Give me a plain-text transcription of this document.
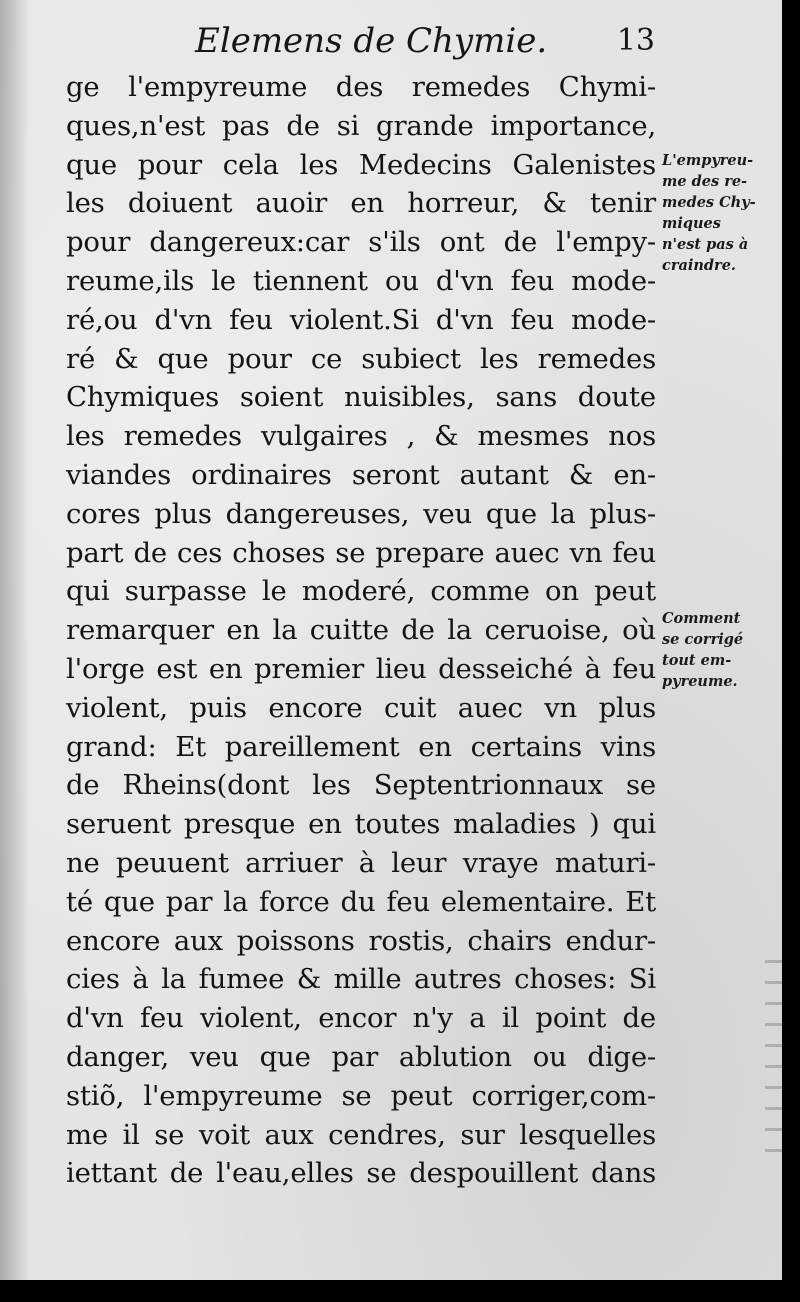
Elemens de Chymie. 13
ge l'empyreume des remedes Chymi-
ques,n'est pas de si grande importance,
que pour cela les Medecins Galenistes
les doiuent auoir en horreur, & tenir
pour dangereux:car s'ils ont de l'empy-
reume,ils le tiennent ou d'vn feu mode-
ré,ou d'vn feu violent.Si d'vn feu mode-
ré & que pour ce subiect les remedes
Chymiques soient nuisibles, sans doute
les remedes vulgaires , & mesmes nos
viandes ordinaires seront autant & en-
cores plus dangereuses, veu que la plus-
part de ces choses se prepare auec vn feu
qui surpasse le moderé, comme on peut
remarquer en la cuitte de la ceruoise, où
l'orge est en premier lieu desseiché à feu
violent, puis encore cuit auec vn plus
grand: Et pareillement en certains vins
de Rheins(dont les Septentrionnaux se
seruent presque en toutes maladies ) qui
ne peuuent arriuer à leur vraye maturi-
té que par la force du feu elementaire. Et
encore aux poissons rostis, chairs endur-
cies à la fumee & mille autres choses: Si
d'vn feu violent, encor n'y a il point de
danger, veu que par ablution ou dige-
stiõ, l'empyreume se peut corriger,com-
me il se voit aux cendres, sur lesquelles
iettant de l'eau,elles se despouillent dans
L'empyreu-
me des re-
medes Chy-
miques
n'est pas à
craindre.
Comment
se corrigé
tout em-
pyreume.
